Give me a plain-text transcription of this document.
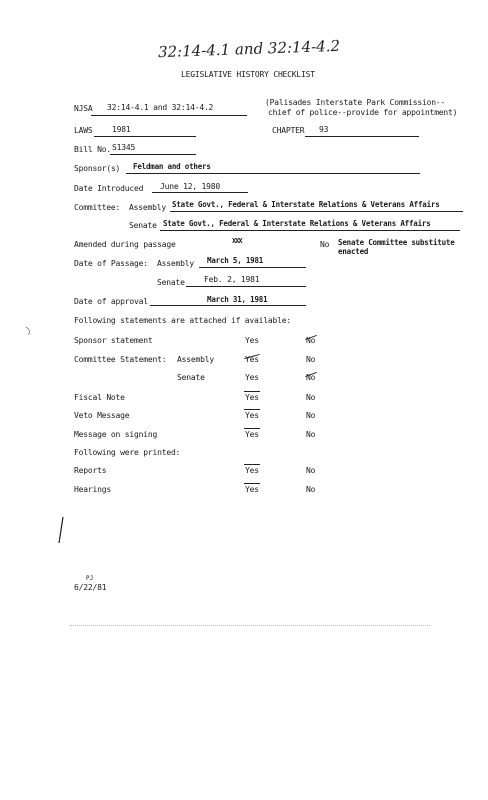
32:14-4.1 and 32:14-4.2
LEGISLATIVE HISTORY CHECKLIST
NJSA 32:14-4.1 and 32:14-4.2
(Palisades Interstate Park Commission--
chief of police--provide for appointment)
LAWS 1981	CHAPTER 93
Bill No. S1345
Sponsor(s) Feldman and others
Date Introduced June 12, 1980
Committee: Assembly State Govt., Federal & Interstate Relations & Veterans Affairs
Senate State Govt., Federal & Interstate Relations & Veterans Affairs
Amended during passage	XXX	No Senate Committee substitute
enacted
Date of Passage: Assembly March 5, 1981
Senate Feb. 2, 1981
Date of approval	March 31, 1981
Following statements are attached if available:
Sponsor statement	Yes	No
Committee Statement: Assembly	Yes	No
Senate	Yes	No
Fiscal Note	Yes	No
Veto Message	Yes	No
Message on signing	Yes	No
Following were printed:
Reports	Yes	No
Hearings	Yes	No
PJ
6/22/81
